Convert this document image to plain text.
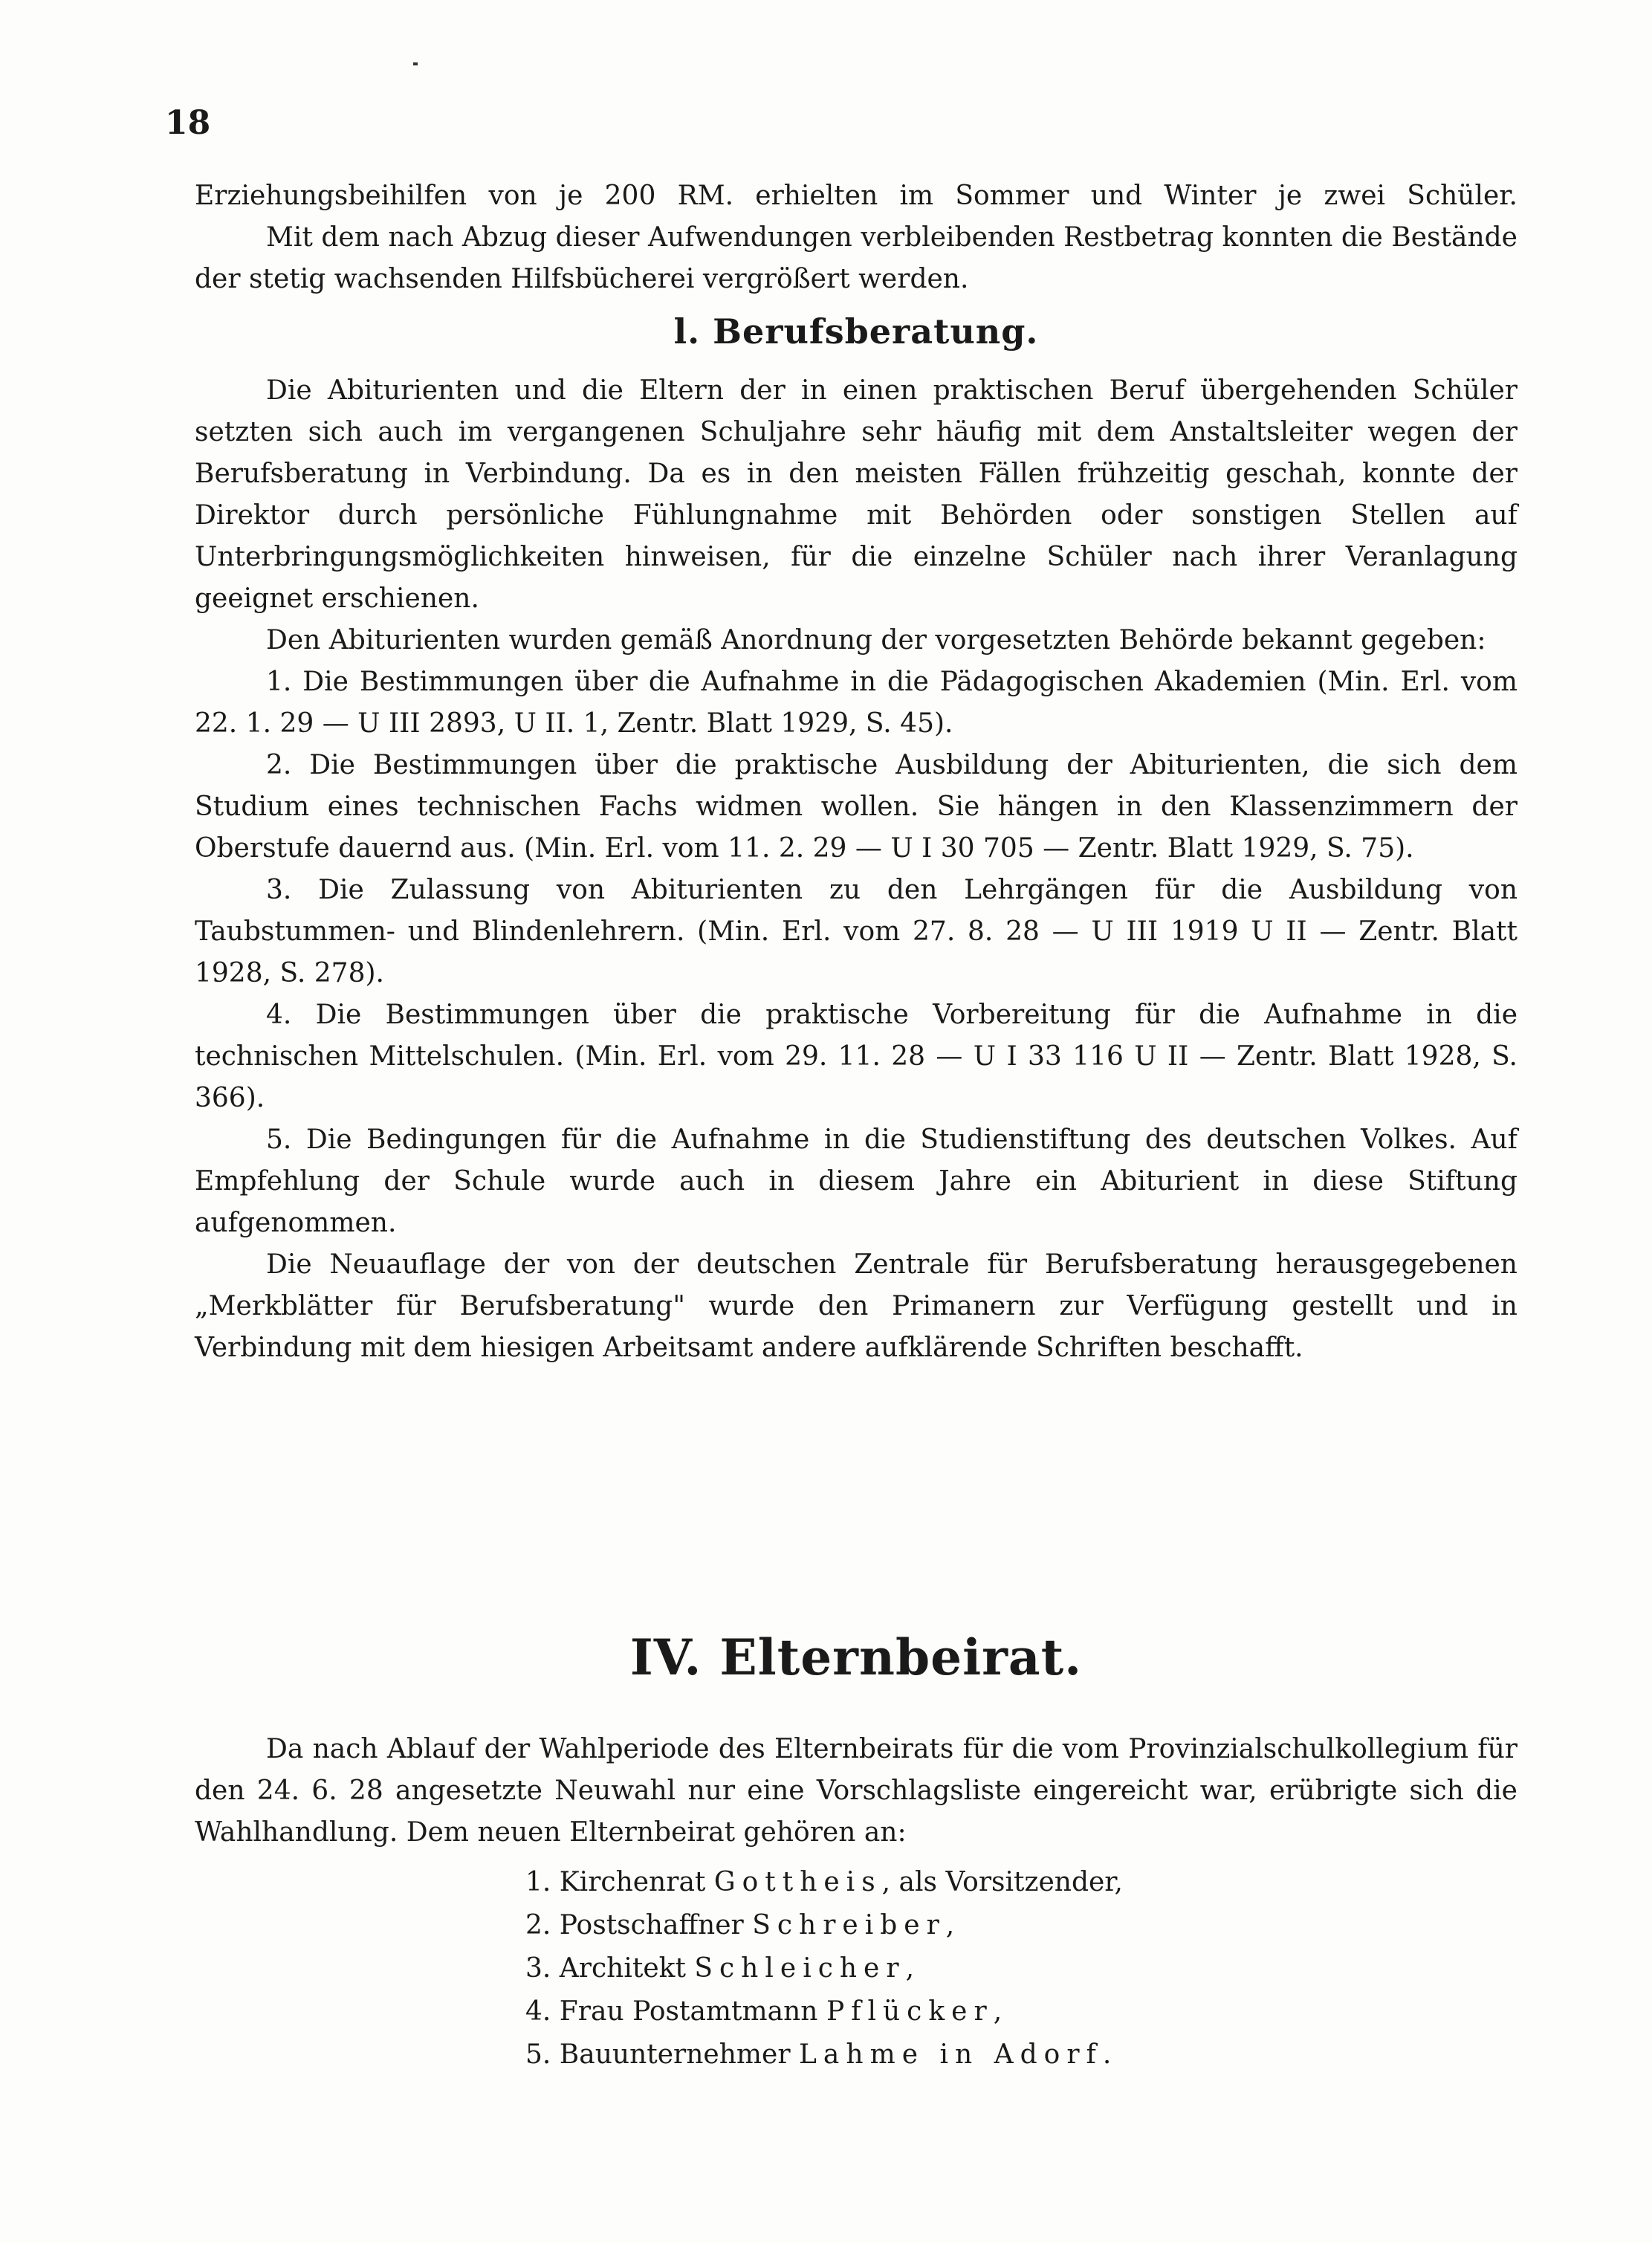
18

Erziehungsbeihilfen von je 200 RM. erhielten im Sommer und Winter je zwei Schüler.

Mit dem nach Abzug dieser Aufwendungen verbleibenden Restbetrag konnten die Bestände der stetig wachsenden Hilfsbücherei vergrößert werden.

l. Berufsberatung.

Die Abiturienten und die Eltern der in einen praktischen Beruf übergehenden Schüler setzten sich auch im vergangenen Schuljahre sehr häufig mit dem Anstaltsleiter wegen der Berufsberatung in Verbindung. Da es in den meisten Fällen frühzeitig geschah, konnte der Direktor durch persönliche Fühlungnahme mit Behörden oder sonstigen Stellen auf Unterbringungsmöglichkeiten hinweisen, für die einzelne Schüler nach ihrer Veranlagung geeignet erschienen.

Den Abiturienten wurden gemäß Anordnung der vorgesetzten Behörde bekannt gegeben:

1. Die Bestimmungen über die Aufnahme in die Pädagogischen Akademien (Min. Erl. vom 22. 1. 29 — U III 2893, U II. 1, Zentr. Blatt 1929, S. 45).

2. Die Bestimmungen über die praktische Ausbildung der Abiturienten, die sich dem Studium eines technischen Fachs widmen wollen. Sie hängen in den Klassenzimmern der Oberstufe dauernd aus. (Min. Erl. vom 11. 2. 29 — U I 30 705 — Zentr. Blatt 1929, S. 75).

3. Die Zulassung von Abiturienten zu den Lehrgängen für die Ausbildung von Taubstummen- und Blindenlehrern. (Min. Erl. vom 27. 8. 28 — U III 1919 U II — Zentr. Blatt 1928, S. 278).

4. Die Bestimmungen über die praktische Vorbereitung für die Aufnahme in die technischen Mittelschulen. (Min. Erl. vom 29. 11. 28 — U I 33 116 U II — Zentr. Blatt 1928, S. 366).

5. Die Bedingungen für die Aufnahme in die Studienstiftung des deutschen Volkes. Auf Empfehlung der Schule wurde auch in diesem Jahre ein Abiturient in diese Stiftung aufgenommen.

Die Neuauflage der von der deutschen Zentrale für Berufsberatung herausgegebenen „Merkblätter für Berufsberatung" wurde den Primanern zur Verfügung gestellt und in Verbindung mit dem hiesigen Arbeitsamt andere aufklärende Schriften beschafft.

IV. Elternbeirat.

Da nach Ablauf der Wahlperiode des Elternbeirats für die vom Provinzialschulkollegium für den 24. 6. 28 angesetzte Neuwahl nur eine Vorschlagsliste eingereicht war, erübrigte sich die Wahlhandlung. Dem neuen Elternbeirat gehören an:

1. Kirchenrat Gottheis, als Vorsitzender,
2. Postschaffner Schreiber,
3. Architekt Schleicher,
4. Frau Postamtmann Pflücker,
5. Bauunternehmer Lahme in Adorf.
